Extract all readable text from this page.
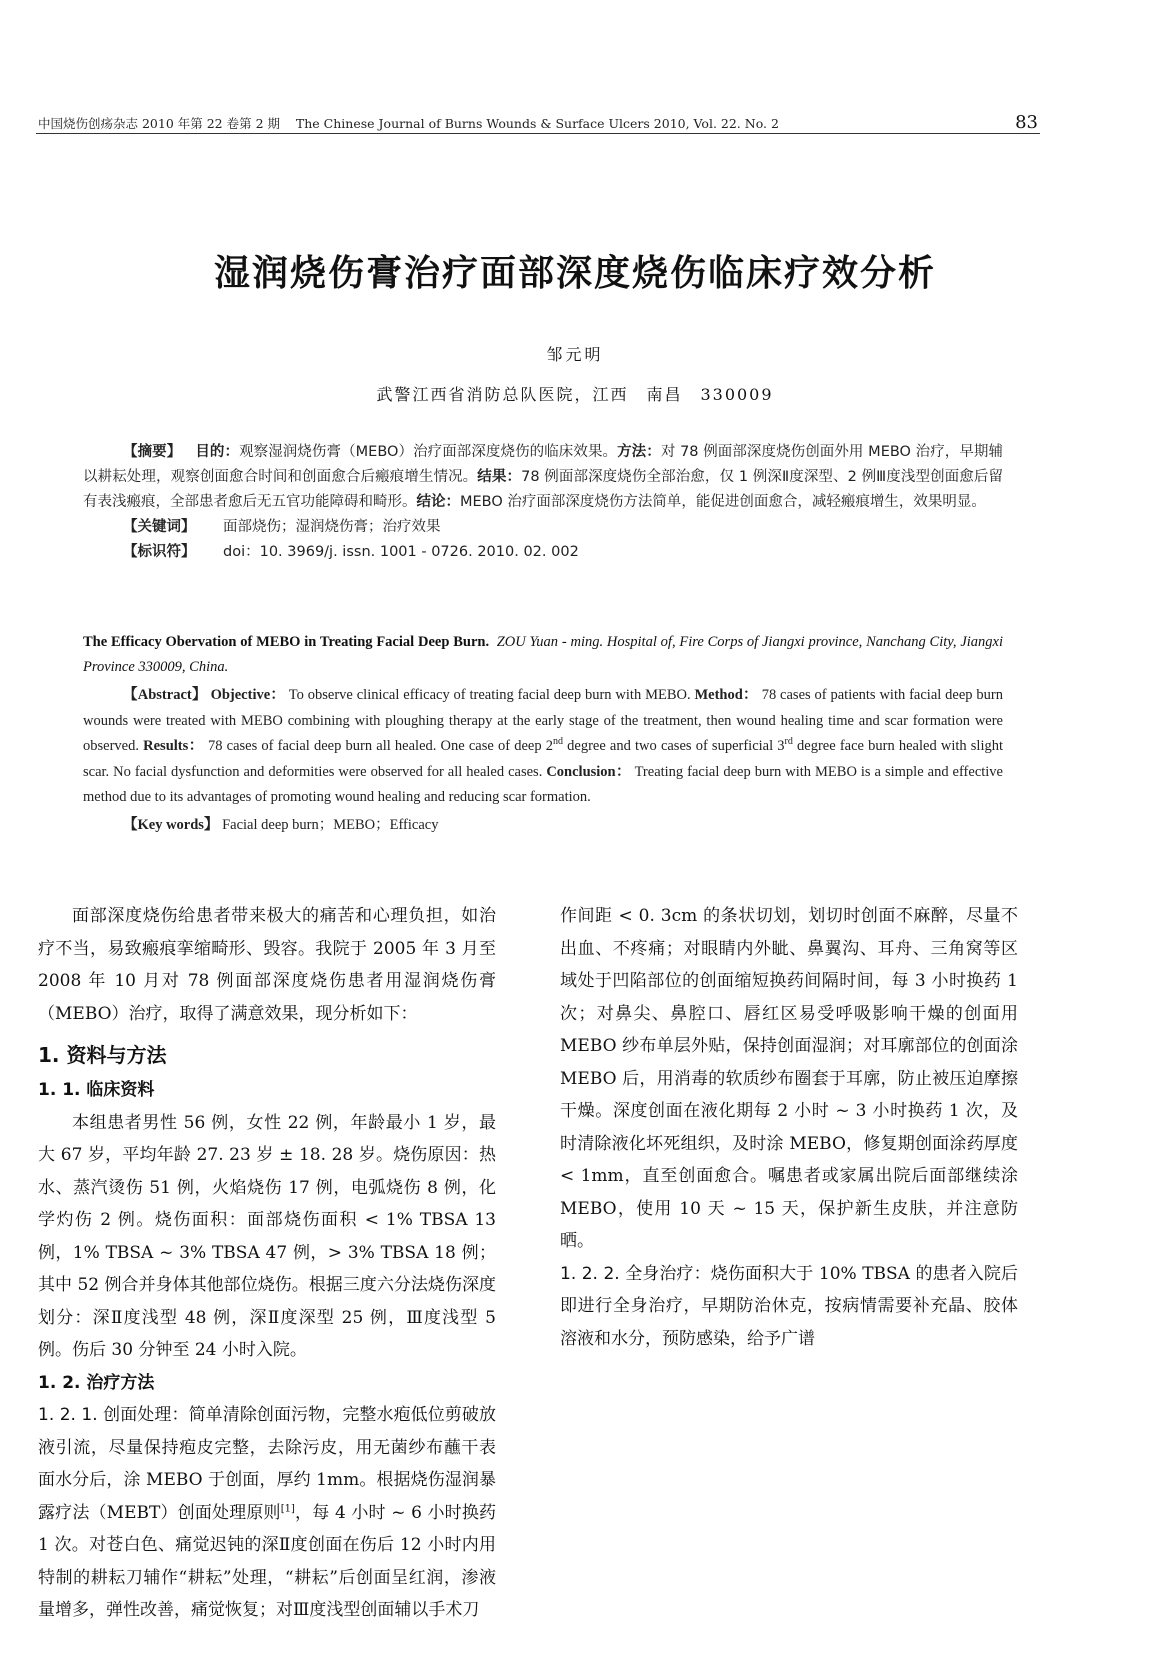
中国烧伤创疡杂志 2010 年第 22 卷第 2 期 The Chinese Journal of Burns Wounds & Surface Ulcers 2010, Vol. 22. No. 2	83
湿润烧伤膏治疗面部深度烧伤临床疗效分析
邹元明
武警江西省消防总队医院，江西　南昌　330009
【摘要】 目的：观察湿润烧伤膏（MEBO）治疗面部深度烧伤的临床效果。方法：对 78 例面部深度烧伤创面外用 MEBO 治疗，早期辅以耕耘处理，观察创面愈合时间和创面愈合后瘢痕增生情况。结果：78 例面部深度烧伤全部治愈，仅 1 例深Ⅱ度深型、2 例Ⅲ度浅型创面愈后留有表浅瘢痕，全部患者愈后无五官功能障碍和畸形。结论：MEBO 治疗面部深度烧伤方法简单，能促进创面愈合，减轻瘢痕增生，效果明显。
【关键词】 面部烧伤；湿润烧伤膏；治疗效果
【标识符】 doi：10. 3969/j. issn. 1001 - 0726. 2010. 02. 002
The Efficacy Obervation of MEBO in Treating Facial Deep Burn. ZOU Yuan - ming. Hospital of, Fire Corps of Jiangxi province, Nanchang City, Jiangxi Province 330009, China.
【Abstract】 Objective： To observe clinical efficacy of treating facial deep burn with MEBO. Method： 78 cases of patients with facial deep burn wounds were treated with MEBO combining with ploughing therapy at the early stage of the treatment, then wound healing time and scar formation were observed. Results： 78 cases of facial deep burn all healed. One case of deep 2nd degree and two cases of superficial 3rd degree face burn healed with slight scar. No facial dysfunction and deformities were observed for all healed cases. Conclusion： Treating facial deep burn with MEBO is a simple and effective method due to its advantages of promoting wound healing and reducing scar formation.
【Key words】 Facial deep burn；MEBO；Efficacy

面部深度烧伤给患者带来极大的痛苦和心理负担，如治疗不当，易致瘢痕挛缩畸形、毁容。我院于 2005 年 3 月至 2008 年 10 月对 78 例面部深度烧伤患者用湿润烧伤膏（MEBO）治疗，取得了满意效果，现分析如下：

1. 资料与方法
1. 1. 临床资料

本组患者男性 56 例，女性 22 例，年龄最小 1 岁，最大 67 岁，平均年龄 27. 23 岁 ± 18. 28 岁。烧伤原因：热水、蒸汽烫伤 51 例，火焰烧伤 17 例，电弧烧伤 8 例，化学灼伤 2 例。烧伤面积：面部烧伤面积 < 1% TBSA 13 例，1% TBSA ~ 3% TBSA 47 例，> 3% TBSA 18 例；其中 52 例合并身体其他部位烧伤。根据三度六分法烧伤深度划分：深Ⅱ度浅型 48 例，深Ⅱ度深型 25 例，Ⅲ度浅型 5 例。伤后 30 分钟至 24 小时入院。

1. 2. 治疗方法

1. 2. 1. 创面处理：简单清除创面污物，完整水疱低位剪破放液引流，尽量保持疱皮完整，去除污皮，用无菌纱布蘸干表面水分后，涂 MEBO 于创面，厚约 1mm。根据烧伤湿润暴露疗法（MEBT）创面处理原则[1]，每 4 小时 ~ 6 小时换药 1 次。对苍白色、痛觉迟钝的深Ⅱ度创面在伤后 12 小时内用特制的耕耘刀辅作“耕耘”处理，“耕耘”后创面呈红润，渗液量增多，弹性改善，痛觉恢复；对Ⅲ度浅型创面辅以手术刀

作间距 < 0. 3cm 的条状切划，划切时创面不麻醉，尽量不出血、不疼痛；对眼睛内外眦、鼻翼沟、耳舟、三角窝等区域处于凹陷部位的创面缩短换药间隔时间，每 3 小时换药 1 次；对鼻尖、鼻腔口、唇红区易受呼吸影响干燥的创面用 MEBO 纱布单层外贴，保持创面湿润；对耳廓部位的创面涂 MEBO 后，用消毒的软质纱布圈套于耳廓，防止被压迫摩擦干燥。深度创面在液化期每 2 小时 ~ 3 小时换药 1 次，及时清除液化坏死组织，及时涂 MEBO，修复期创面涂药厚度 < 1mm，直至创面愈合。嘱患者或家属出院后面部继续涂 MEBO，使用 10 天 ~ 15 天，保护新生皮肤，并注意防晒。

1. 2. 2. 全身治疗：烧伤面积大于 10% TBSA 的患者入院后即进行全身治疗，早期防治休克，按病情需要补充晶、胶体溶液和水分，预防感染，给予广谱
